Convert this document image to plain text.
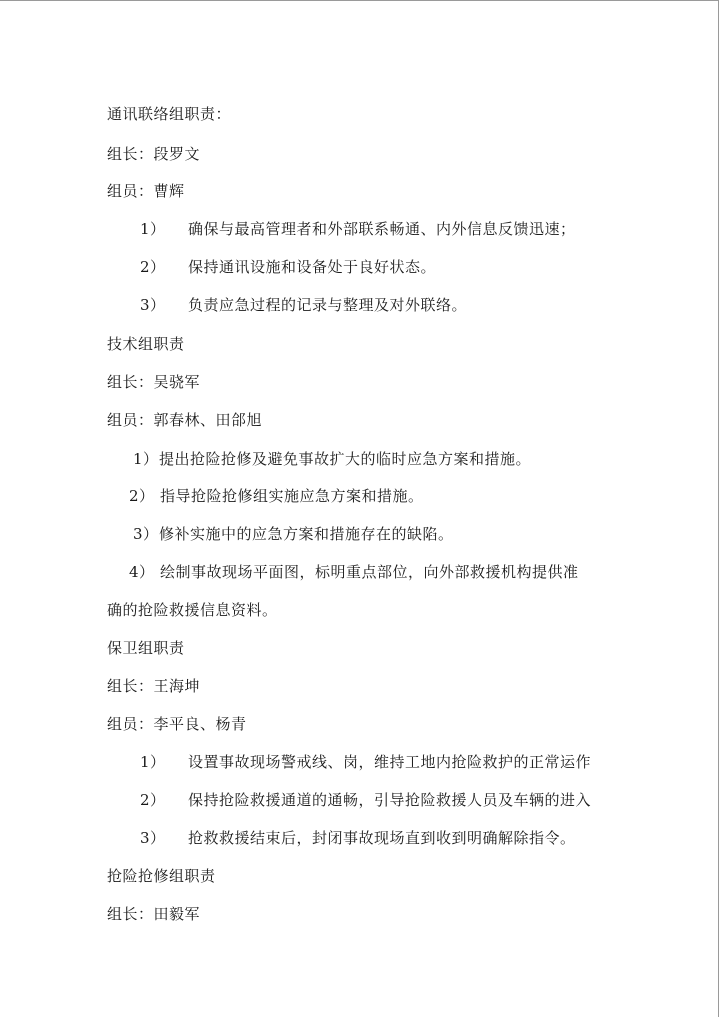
通讯联络组职责：
组长：段罗文
组员：曹辉
1） 确保与最高管理者和外部联系畅通、内外信息反馈迅速；
2） 保持通讯设施和设备处于良好状态。
3） 负责应急过程的记录与整理及对外联络。
技术组职责
组长：吴骁军
组员：郭春林、田郃旭
1）提出抢险抢修及避免事故扩大的临时应急方案和措施。
2） 指导抢险抢修组实施应急方案和措施。
3）修补实施中的应急方案和措施存在的缺陷。
4） 绘制事故现场平面图，标明重点部位，向外部救援机构提供准
确的抢险救援信息资料。
保卫组职责
组长：王海坤
组员：李平良、杨青
1） 设置事故现场警戒线、岗，维持工地内抢险救护的正常运作
2） 保持抢险救援通道的通畅，引导抢险救援人员及车辆的进入
3） 抢救救援结束后，封闭事故现场直到收到明确解除指令。
抢险抢修组职责
组长：田毅军
